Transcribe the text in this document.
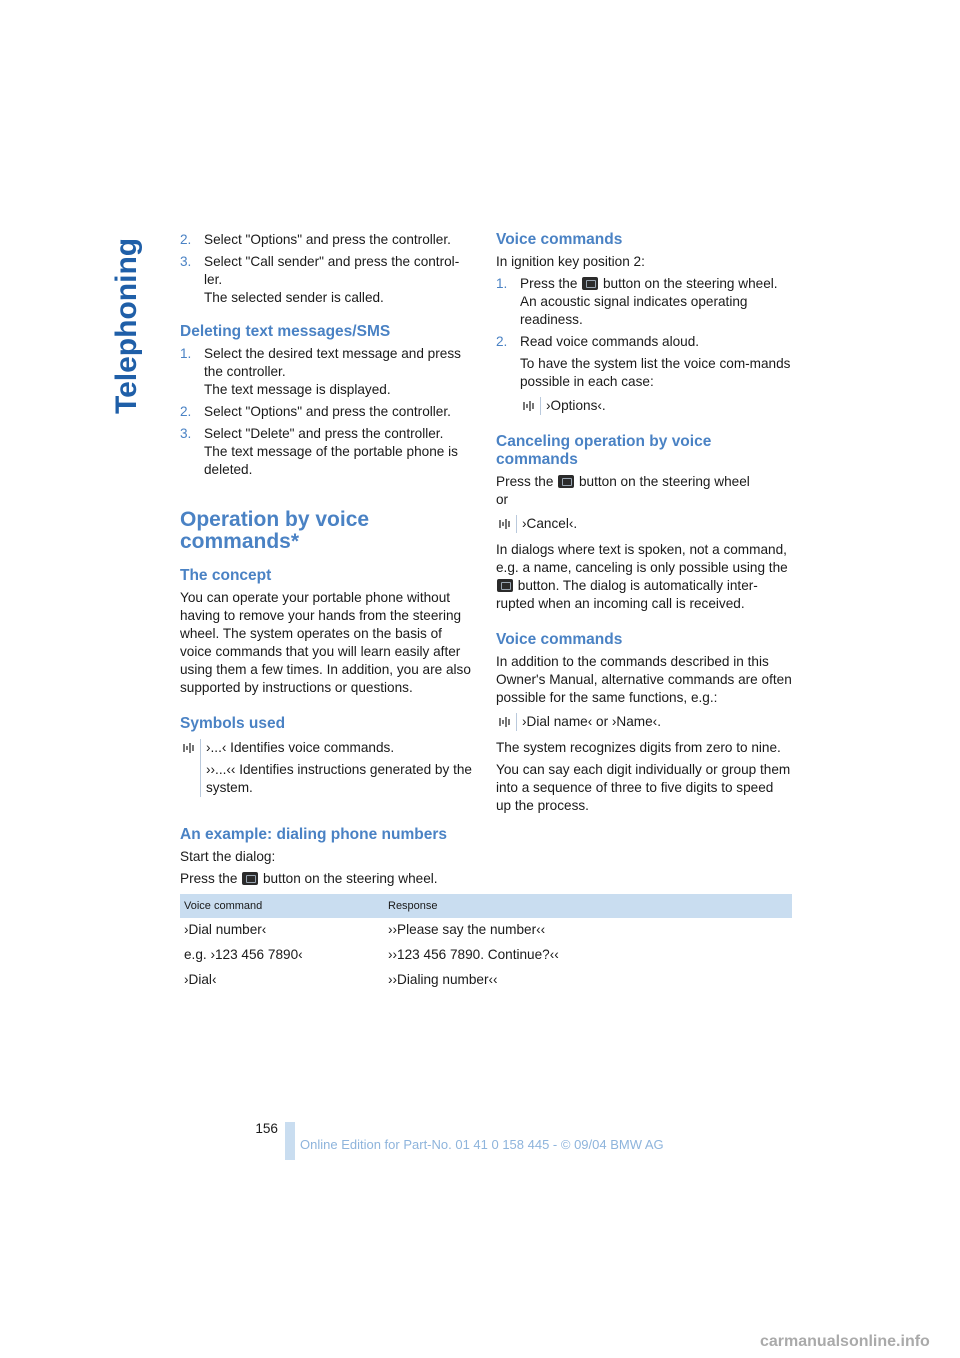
Telephoning	2. Select "Options" and press the controller.
3. Select "Call sender" and press the control-ler.
The selected sender is called.
Deleting text messages/SMS
1. Select the desired text message and press the controller.
The text message is displayed.
2. Select "Options" and press the controller.
3. Select "Delete" and press the controller.
The text message of the portable phone is deleted.
Operation by voice commands*
The concept

You can operate your portable phone without having to remove your hands from the steering wheel. The system operates on the basis of voice commands that you will learn easily after using them a few times. In addition, you are also supported by instructions or questions.

Symbols used

›...‹ Identifies voice commands.

››...‹‹ Identifies instructions generated by the system.

Voice commands

In ignition key position 2:

1. Press the button on the steering wheel.
An acoustic signal indicates operating readiness.
2. Read voice commands aloud.
To have the system list the voice com-mands possible in each case:

›Options‹.

Canceling operation by voice commands

Press the button on the steering wheel
or

›Cancel‹.

In dialogs where text is spoken, not a command, e.g. a name, canceling is only possible using the  button. The dialog is automatically inter-rupted when an incoming call is received.

Voice commands

In addition to the commands described in this Owner's Manual, alternative commands are often possible for the same functions, e.g.:

›Dial name‹ or ›Name‹.

The system recognizes digits from zero to nine.

You can say each digit individually or group them into a sequence of three to five digits to speed up the process.

An example: dialing phone numbers

Start the dialog:

Press the button on the steering wheel.

Voice command	Response
›Dial number‹	››Please say the number‹‹
e.g. ›123 456 7890‹	››123 456 7890. Continue?‹‹
›Dial‹	››Dialing number‹‹
156
Online Edition for Part-No. 01 41 0 158 445 - © 09/04 BMW AG
carmanualsonline.info
